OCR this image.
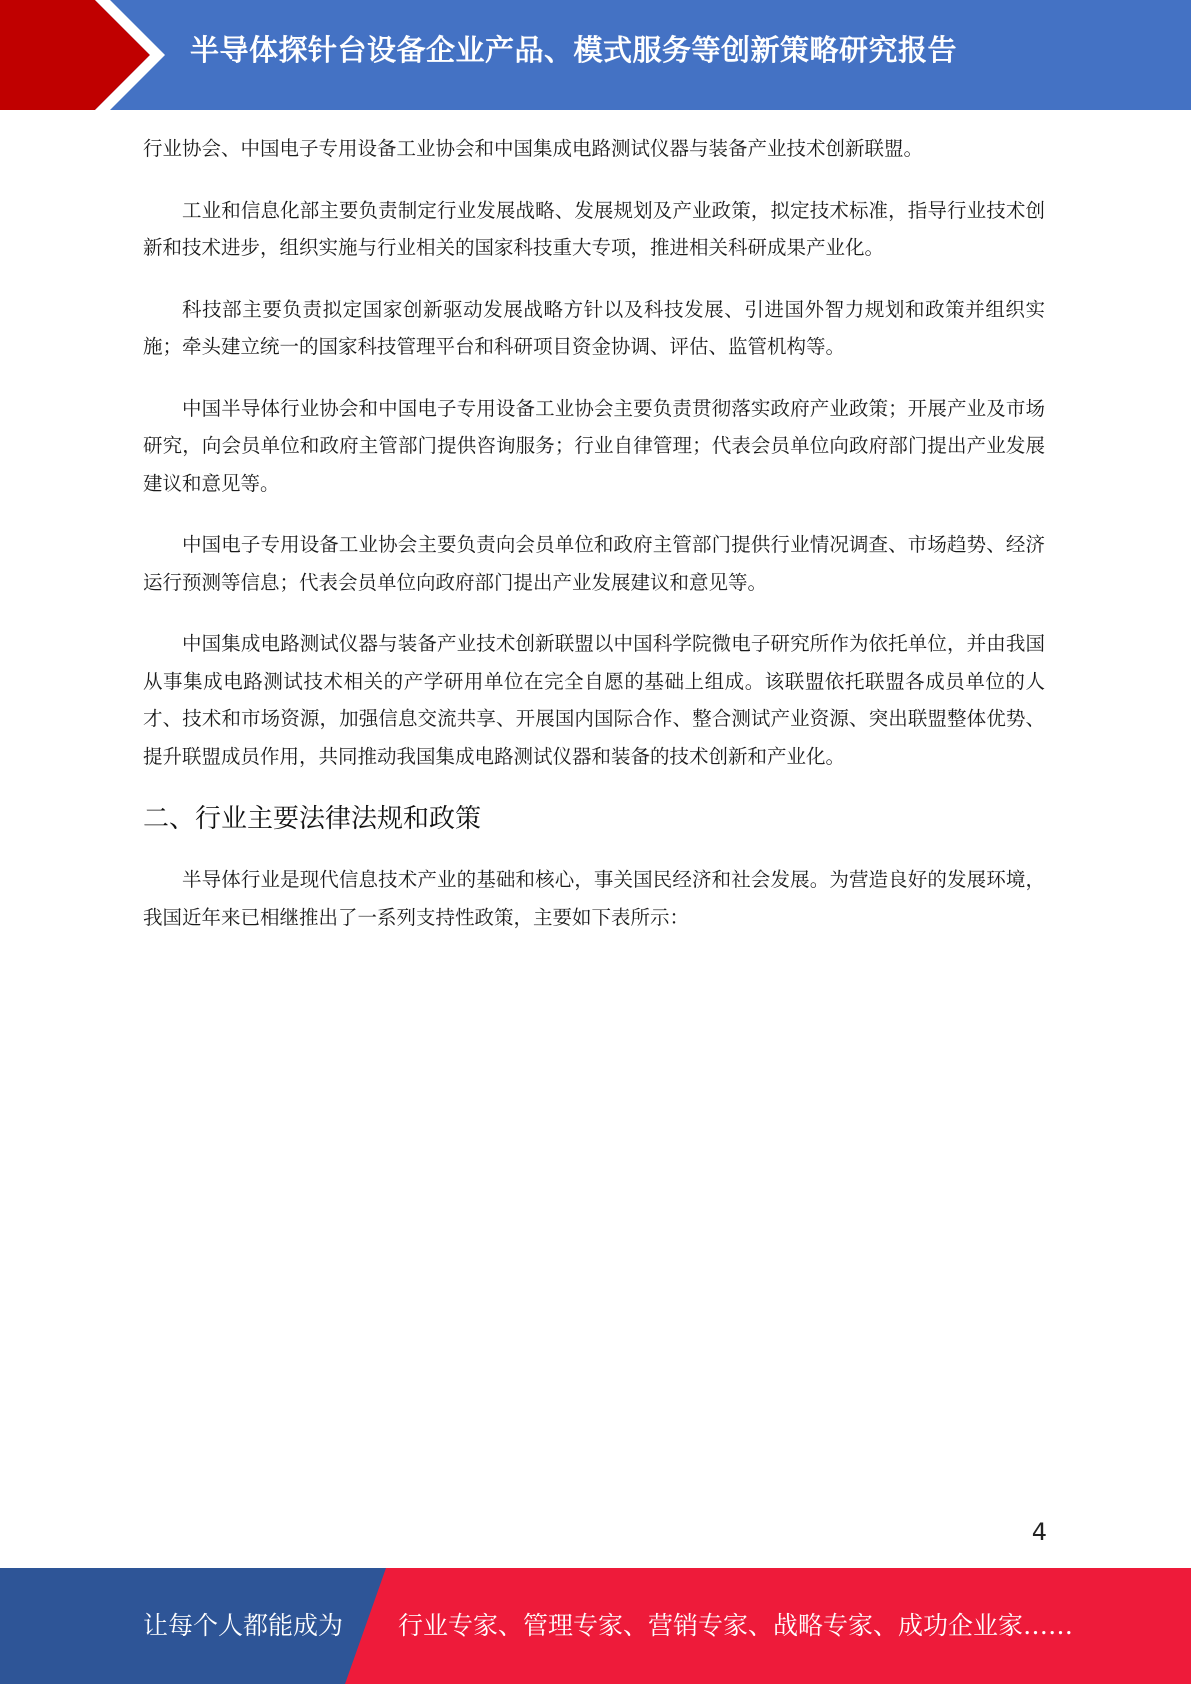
半导体探针台设备企业产品、模式服务等创新策略研究报告

行业协会、中国电子专用设备工业协会和中国集成电路测试仪器与装备产业技术创新联盟。

工业和信息化部主要负责制定行业发展战略、发展规划及产业政策，拟定技术标准，指导行业技术创新和技术进步，组织实施与行业相关的国家科技重大专项，推进相关科研成果产业化。

科技部主要负责拟定国家创新驱动发展战略方针以及科技发展、引进国外智力规划和政策并组织实施；牵头建立统一的国家科技管理平台和科研项目资金协调、评估、监管机构等。

中国半导体行业协会和中国电子专用设备工业协会主要负责贯彻落实政府产业政策；开展产业及市场研究，向会员单位和政府主管部门提供咨询服务；行业自律管理；代表会员单位向政府部门提出产业发展建议和意见等。

中国电子专用设备工业协会主要负责向会员单位和政府主管部门提供行业情况调查、市场趋势、经济运行预测等信息；代表会员单位向政府部门提出产业发展建议和意见等。

中国集成电路测试仪器与装备产业技术创新联盟以中国科学院微电子研究所作为依托单位，并由我国从事集成电路测试技术相关的产学研用单位在完全自愿的基础上组成。该联盟依托联盟各成员单位的人才、技术和市场资源，加强信息交流共享、开展国内国际合作、整合测试产业资源、突出联盟整体优势、提升联盟成员作用，共同推动我国集成电路测试仪器和装备的技术创新和产业化。

二、行业主要法律法规和政策

半导体行业是现代信息技术产业的基础和核心，事关国民经济和社会发展。为营造良好的发展环境，我国近年来已相继推出了一系列支持性政策，主要如下表所示：

4
让每个人都能成为 行业专家、管理专家、营销专家、战略专家、成功企业家……
